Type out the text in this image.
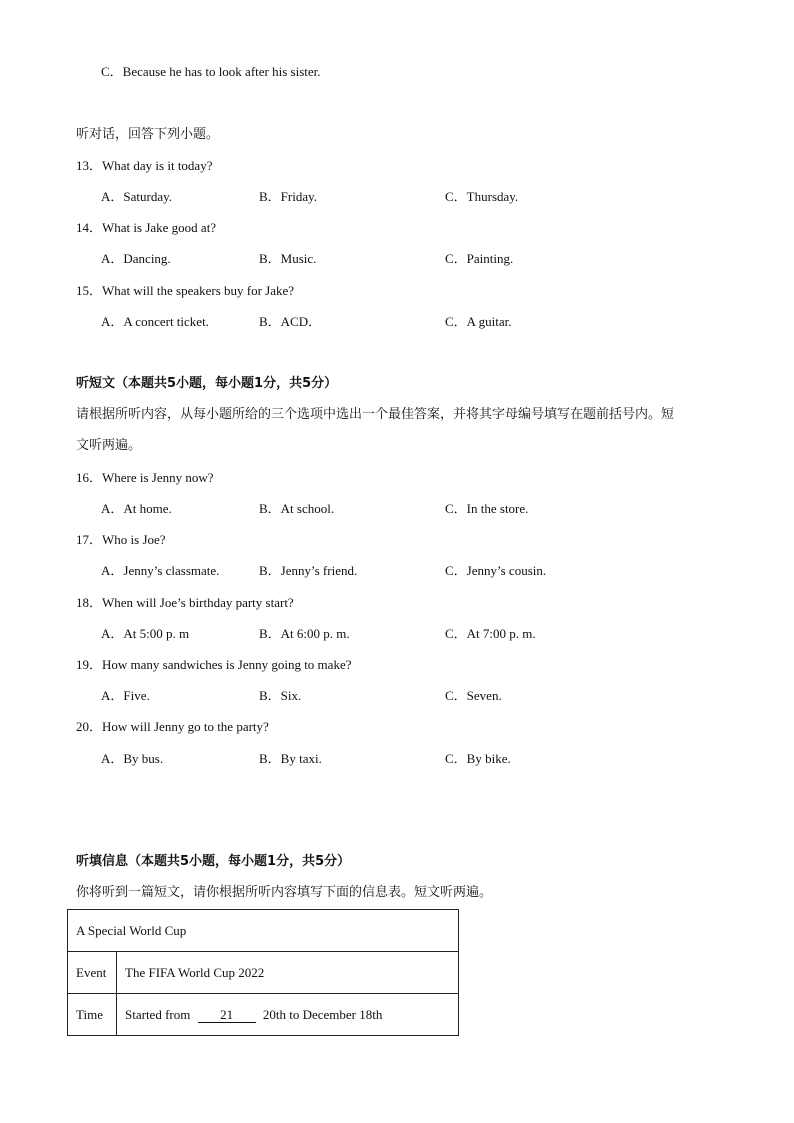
C．Because he has to look after his sister.
听对话，回答下列小题。
13．What day is it today?
A．Saturday.	B．Friday.	C．Thursday.
14．What is Jake good at?
A．Dancing.	B．Music.	C．Painting.
15．What will the speakers buy for Jake?
A．A concert ticket.	B．ACD．	C．A guitar.
听短文（本题共5小题，每小题1分，共5分）
请根据所听内容，从每小题所给的三个选项中选出一个最佳答案，并将其字母编号填写在题前括号内。短
文听两遍。
16．Where is Jenny now?
A．At home.	B．At school.	C．In the store.
17．Who is Joe?
A．Jenny’s classmate.	B．Jenny’s friend.	C．Jenny’s cousin.
18．When will Joe’s birthday party start?
A．At 5:00 p. m	B．At 6:00 p. m.	C．At 7:00 p. m.
19．How many sandwiches is Jenny going to make?
A．Five.	B．Six.	C．Seven.
20．How will Jenny go to the party?
A．By bus.	B．By taxi.	C．By bike.
听填信息（本题共5小题，每小题1分，共5分）
你将听到一篇短文，请你根据所听内容填写下面的信息表。短文听两遍。
A Special World Cup	
Event	The FIFA World Cup 2022
Time	Started from 21 20th to December 18th
